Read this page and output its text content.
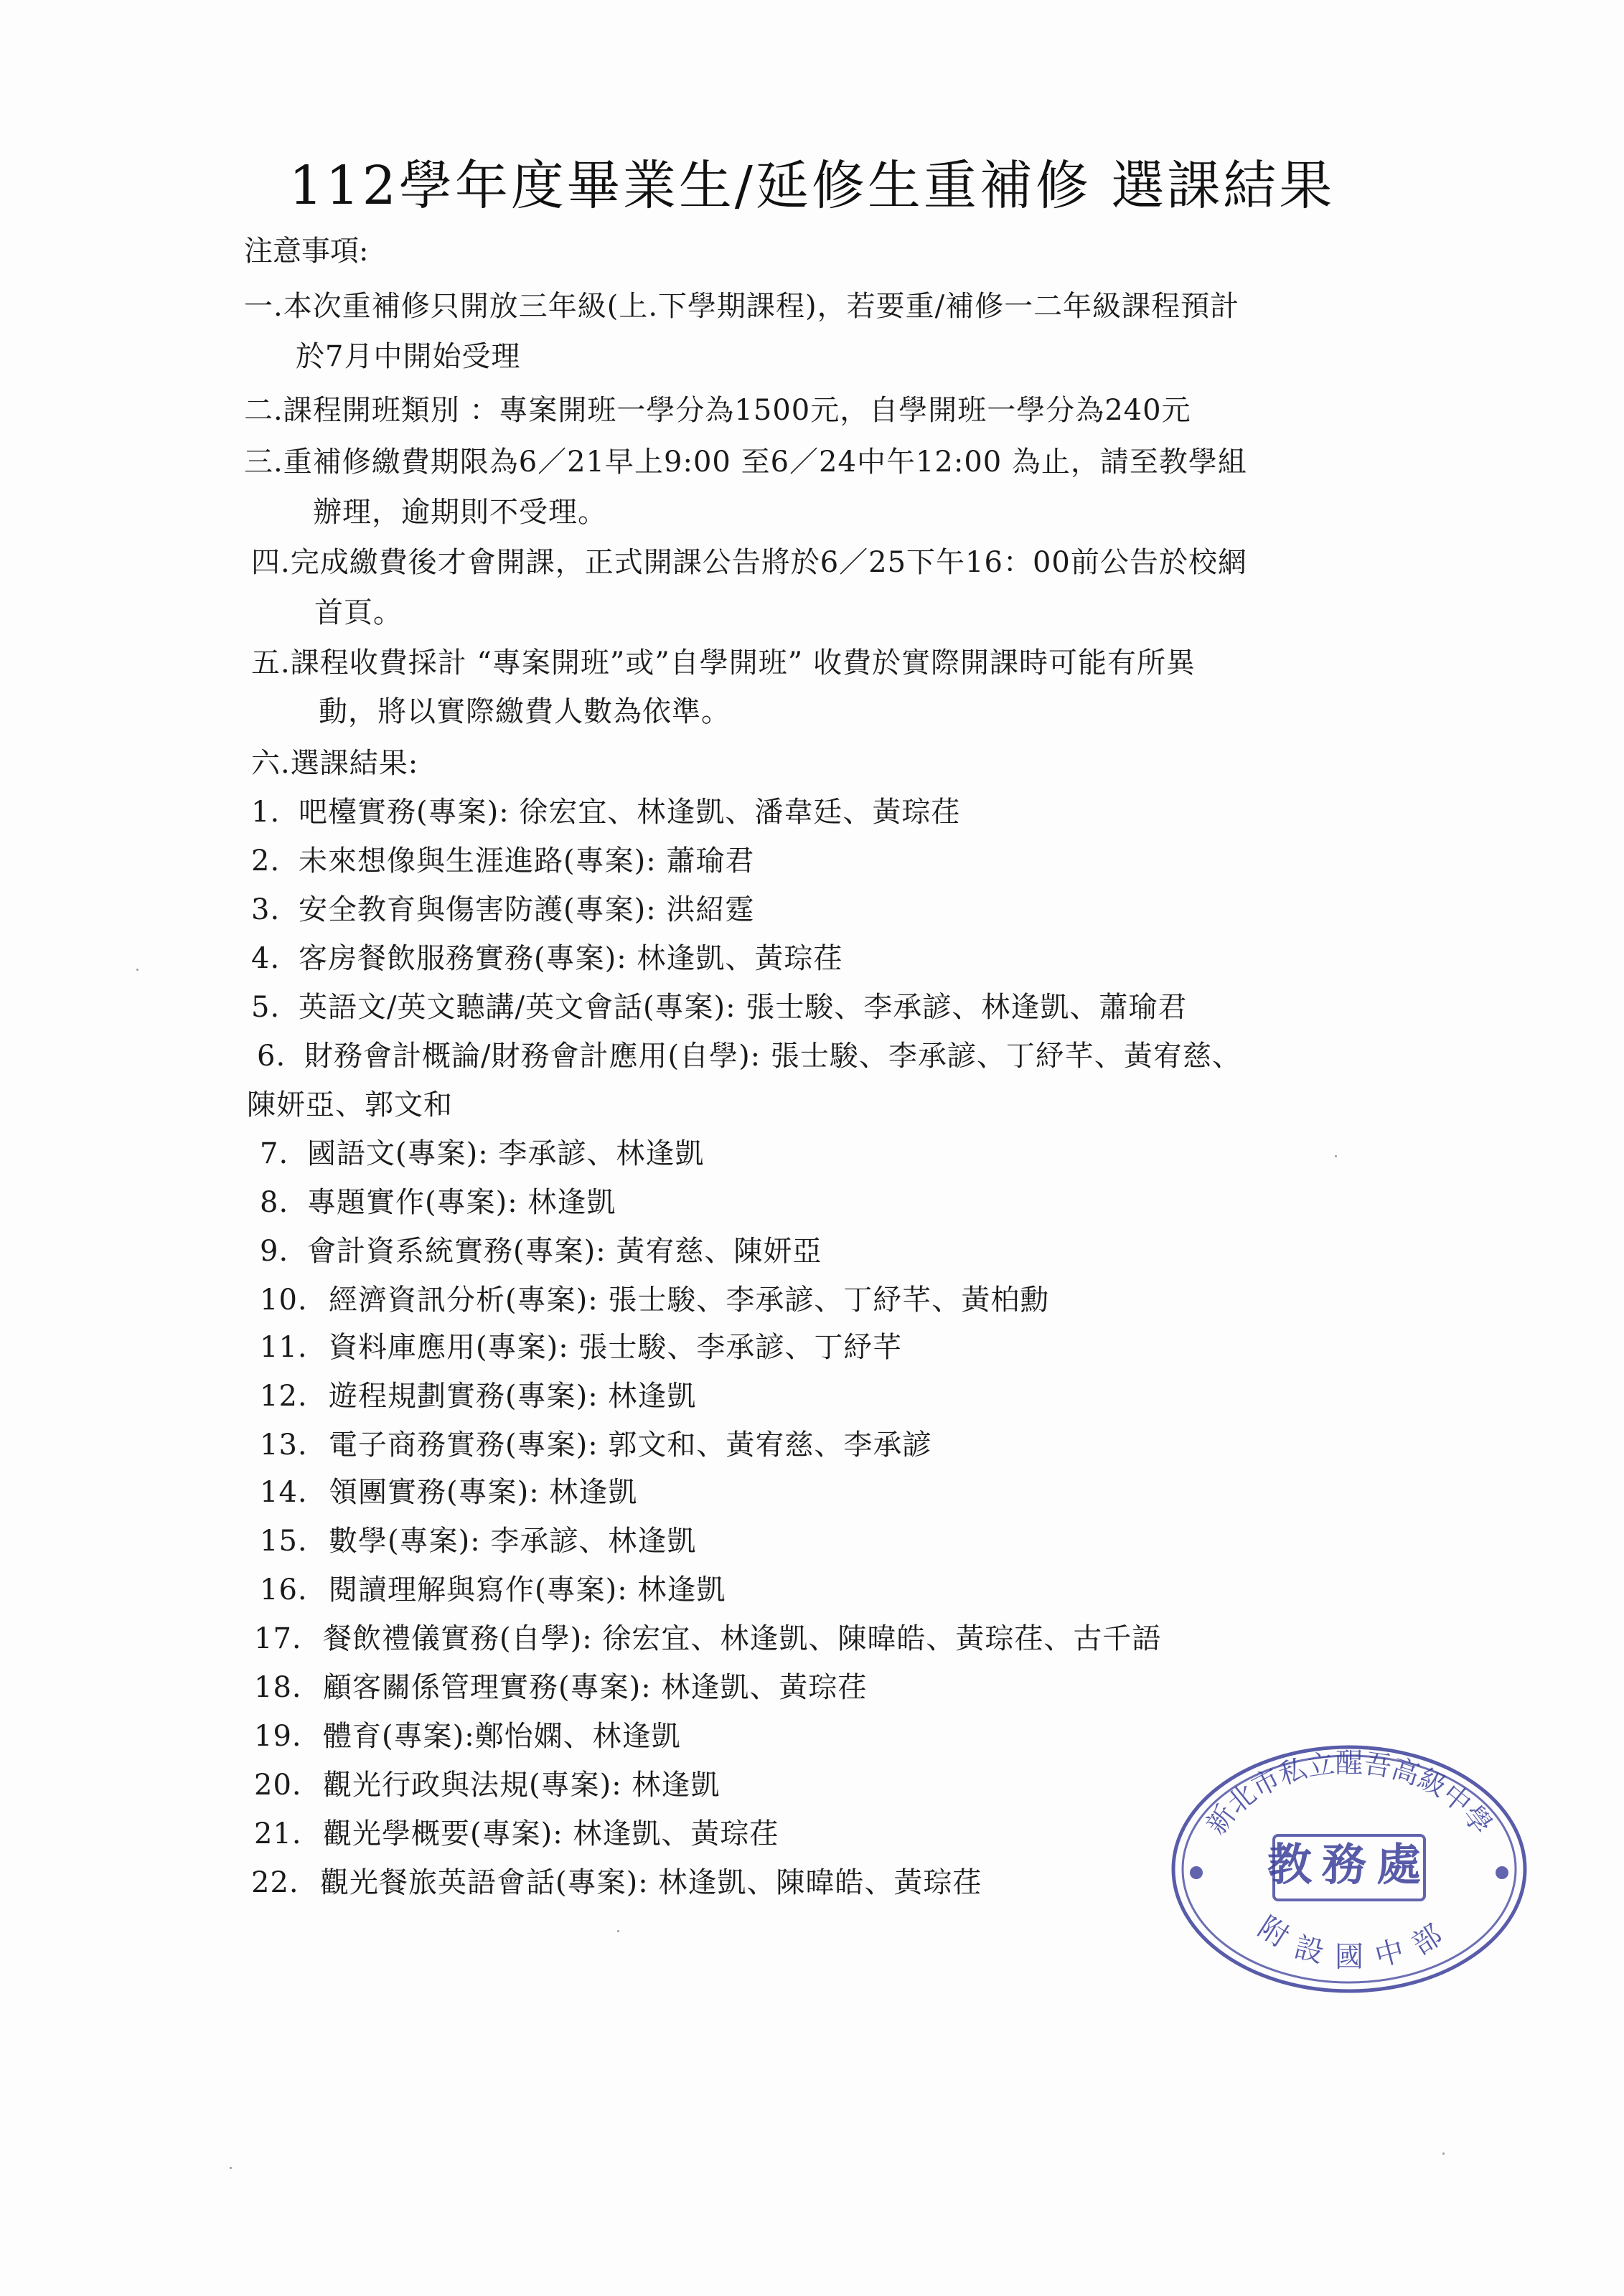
112學年度畢業生/延修生重補修 選課結果
注意事項:
一.本次重補修只開放三年級(上.下學期課程)，若要重/補修一二年級課程預計
於7月中開始受理
二.課程開班類別 ：專案開班一學分為1500元，自學開班一學分為240元
三.重補修繳費期限為6／21早上9:00 至6／24中午12:00 為止，請至教學組
辦理，逾期則不受理。
四.完成繳費後才會開課，正式開課公告將於6／25下午16：00前公告於校網
首頁。
五.課程收費採計 “專案開班”或”自學開班” 收費於實際開課時可能有所異
動，將以實際繳費人數為依準。
六.選課結果:
1. 吧檯實務(專案): 徐宏宜、林逢凱、潘韋廷、黃琮荏
2. 未來想像與生涯進路(專案): 蕭瑜君
3. 安全教育與傷害防護(專案): 洪紹霆
4. 客房餐飲服務實務(專案): 林逢凱、黃琮荏
5. 英語文/英文聽講/英文會話(專案): 張士駿、李承諺、林逢凱、蕭瑜君
6. 財務會計概論/財務會計應用(自學): 張士駿、李承諺、丁紓芊、黃宥慈、
陳妍亞、郭文和
7. 國語文(專案): 李承諺、林逢凱
8. 專題實作(專案): 林逢凱
9. 會計資系統實務(專案): 黃宥慈、陳妍亞
10. 經濟資訊分析(專案): 張士駿、李承諺、丁紓芊、黃柏勳
11. 資料庫應用(專案): 張士駿、李承諺、丁紓芊
12. 遊程規劃實務(專案): 林逢凱
13. 電子商務實務(專案): 郭文和、黃宥慈、李承諺
14. 領團實務(專案): 林逢凱
15. 數學(專案): 李承諺、林逢凱
16. 閱讀理解與寫作(專案): 林逢凱
17. 餐飲禮儀實務(自學): 徐宏宜、林逢凱、陳暐皓、黃琮荏、古千語
18. 顧客關係管理實務(專案): 林逢凱、黃琮荏
19. 體育(專案):鄭怡嫻、林逢凱
20. 觀光行政與法規(專案): 林逢凱
21. 觀光學概要(專案): 林逢凱、黃琮荏
22. 觀光餐旅英語會話(專案): 林逢凱、陳暐皓、黃琮荏
新北市私立醒吾高級中學
教務處
附設國中部
